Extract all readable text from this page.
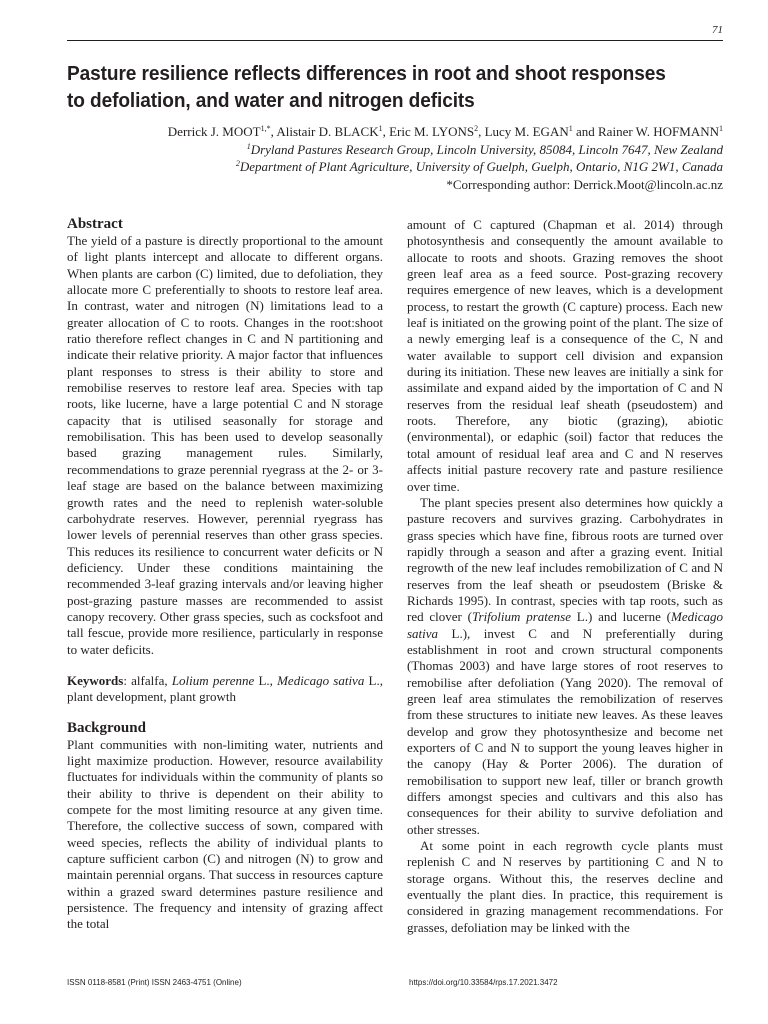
71
Pasture resilience reflects differences in root and shoot responses to defoliation, and water and nitrogen deficits
Derrick J. $MOOT^{1,*}$, Alistair D. BLACK$^1$, Eric M. LYONS$^2$, Lucy M. EGAN$^1$ and Rainer W. HOFMANN$^1$
$^1$Dryland Pastures Research Group, Lincoln University, 85084, Lincoln 7647, New Zealand
$^2$Department of Plant Agriculture, University of Guelph, Guelph, Ontario, N1G 2W1, Canada
*Corresponding author: Derrick.Moot@lincoln.ac.nz
Abstract

The yield of a pasture is directly proportional to the amount of light plants intercept and allocate to different organs. When plants are carbon (C) limited, due to defoliation, they allocate more C preferentially to shoots to restore leaf area. In contrast, water and nitrogen (N) limitations lead to a greater allocation of C to roots. Changes in the root:shoot ratio therefore reflect changes in C and N partitioning and indicate their relative priority. A major factor that influences plant responses to stress is their ability to store and remobilise reserves to restore leaf area. Species with tap roots, like lucerne, have a large potential C and N storage capacity that is utilised seasonally for storage and remobilisation. This has been used to develop seasonally based grazing management rules. Similarly, recommendations to graze perennial ryegrass at the 2- or 3-leaf stage are based on the balance between maximizing growth rates and the need to replenish water-soluble carbohydrate reserves. However, perennial ryegrass has lower levels of perennial reserves than other grass species. This reduces its resilience to concurrent water deficits or N deficiency. Under these conditions maintaining the recommended 3-leaf grazing intervals and/or leaving higher post-grazing pasture masses are recommended to assist canopy recovery. Other grass species, such as cocksfoot and tall fescue, provide more resilience, particularly in response to water deficits.

Keywords: alfalfa, Lolium perenne L., Medicago sativa L., plant development, plant growth

Background

Plant communities with non-limiting water, nutrients and light maximize production. However, resource availability fluctuates for individuals within the community of plants so their ability to thrive is dependent on their ability to compete for the most limiting resource at any given time. Therefore, the collective success of sown, compared with weed species, reflects the ability of individual plants to capture sufficient carbon (C) and nitrogen (N) to grow and maintain perennial organs. That success in resources capture within a grazed sward determines pasture resilience and persistence. The frequency and intensity of grazing affect the total

amount of C captured (Chapman et al. 2014) through photosynthesis and consequently the amount available to allocate to roots and shoots. Grazing removes the shoot green leaf area as a feed source. Post-grazing recovery requires emergence of new leaves, which is a development process, to restart the growth (C capture) process. Each new leaf is initiated on the growing point of the plant. The size of a newly emerging leaf is a consequence of the C, N and water available to support cell division and expansion during its initiation. These new leaves are initially a sink for assimilate and expand aided by the importation of C and N reserves from the residual leaf sheath (pseudostem) and roots. Therefore, any biotic (grazing), abiotic (environmental), or edaphic (soil) factor that reduces the total amount of residual leaf area and C and N reserves affects initial pasture recovery rate and pasture resilience over time.

The plant species present also determines how quickly a pasture recovers and survives grazing. Carbohydrates in grass species which have fine, fibrous roots are turned over rapidly through a season and after a grazing event. Initial regrowth of the new leaf includes remobilization of C and N reserves from the leaf sheath or pseudostem (Briske & Richards 1995). In contrast, species with tap roots, such as red clover (Trifolium pratense L.) and lucerne (Medicago sativa L.), invest C and N preferentially during establishment in root and crown structural components (Thomas 2003) and have large stores of root reserves to remobilise after defoliation (Yang 2020). The removal of green leaf area stimulates the remobilization of reserves from these structures to initiate new leaves. As these leaves develop and grow they photosynthesize and become net exporters of C and N to support the young leaves higher in the canopy (Hay & Porter 2006). The duration of remobilisation to support new leaf, tiller or branch growth differs amongst species and cultivars and this also has consequences for their ability to survive defoliation and other stresses.

At some point in each regrowth cycle plants must replenish C and N reserves by partitioning C and N to storage organs. Without this, the reserves decline and eventually the plant dies. In practice, this requirement is considered in grazing management recommendations. For grasses, defoliation may be linked with the

ISSN 0118-8581 (Print) ISSN 2463-4751 (Online)	https://doi.org/10.33584/rps.17.2021.3472
